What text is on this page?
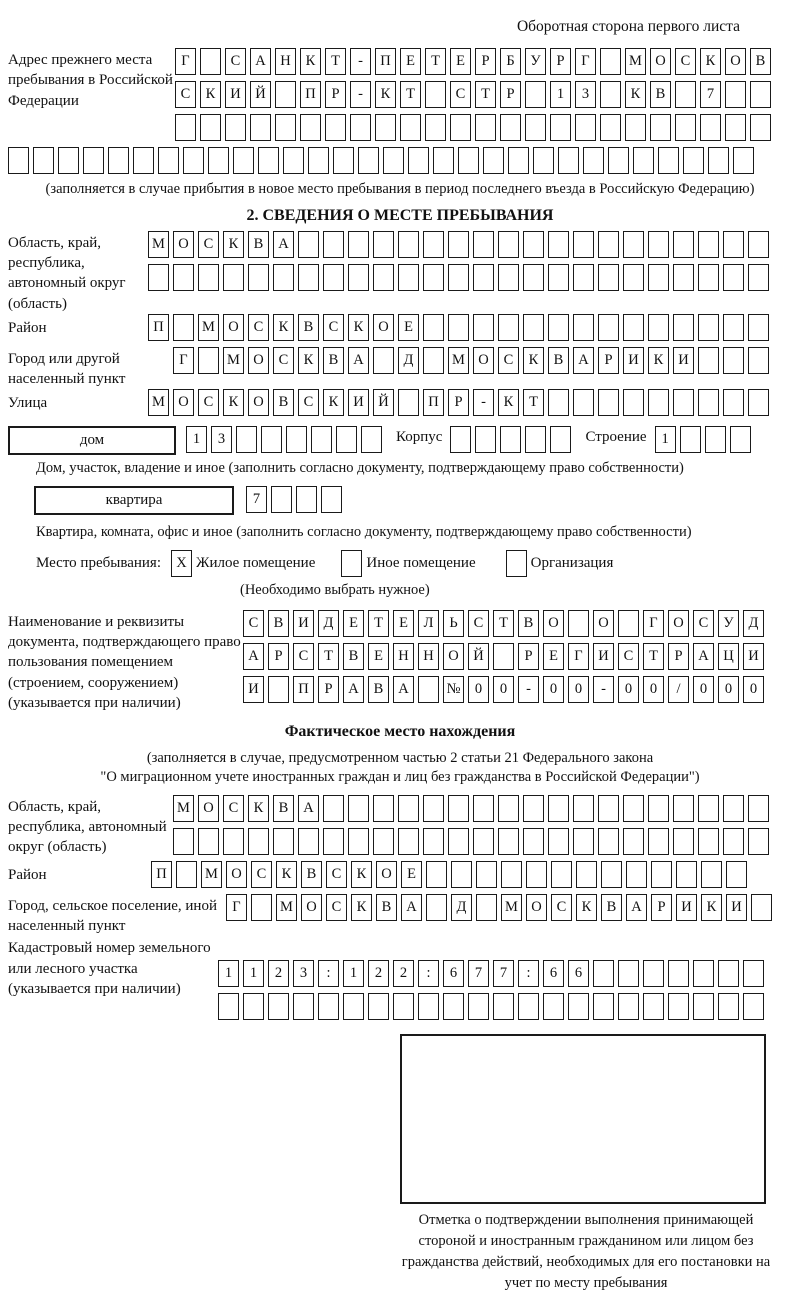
Оборотная сторона первого листа
Адрес прежнего места пребывания в Российской Федерации
Г	С	А	Н	К	Т	-	П	Е	Т	Е	Р	Б	У	Р	Г	М О	С	К	О	В
С	К	И	Й	П	Р	-	К	Т	С	Т	Р	1	3	К	В	7
(заполняется в случае прибытия в новое место пребывания в период последнего въезда в Российскую Федерацию)
2. СВЕДЕНИЯ О МЕСТЕ ПРЕБЫВАНИЯ
Область, край, республика, автономный округ (область)
М О	С	К	В	А
Район	П	М О	С	К	В	С	К	О	Е
Город или другой населенный пункт
Г	М О	С	К	В	А	Д	М О	С	К	В	А	Р	И	К	И
Улица	М О	С	К	О	В	С	К	И	Й	П	Р	-	К	Т
дом	1	3	Корпус	Строение	1
Дом, участок, владение и иное (заполнить согласно документу, подтверждающему право собственности)
квартира	7
Квартира, комната, офис и иное (заполнить согласно документу, подтверждающему право собственности)
Место пребывания:	X Жилое помещение	Иное помещение	Организация
(Необходимо выбрать нужное)
Наименование и реквизиты документа, подтверждающего право пользования помещением (строением, сооружением) (указывается при наличии)
С	В	И	Д	Е	Т	Е	Л	Ь	С	Т	В	О	О	Г	О	С	У	Д
А	Р	С	Т	В	Е	Н	Н	О	Й	Р	Е	Г	И	С	Т	Р	А	Ц	И
И	П	Р	А	В	А	№ 0	0	-	0	0	-	0	0	/	0	0	0
Фактическое место нахождения
(заполняется в случае, предусмотренном частью 2 статьи 21 Федерального закона
"О миграционном учете иностранных граждан и лиц без гражданства в Российской Федерации")
Область, край, республика, автономный округ (область)
М О	С	К	В	А
Район	П	М О	С	К	В	С	К	О	Е
Город, сельское поселение, иной населенный пункт
Г	М О	С	К	В	А	Д	М О	С	К	В	А	Р	И	К	И
Кадастровый номер земельного или лесного участка (указывается при наличии)
1	1	2	3	:	1	2	2	:	6	7	7	:	6	6
Отметка о подтверждении выполнения принимающей стороной и иностранным гражданином или лицом без гражданства действий, необходимых для его постановки на учет по месту пребывания
